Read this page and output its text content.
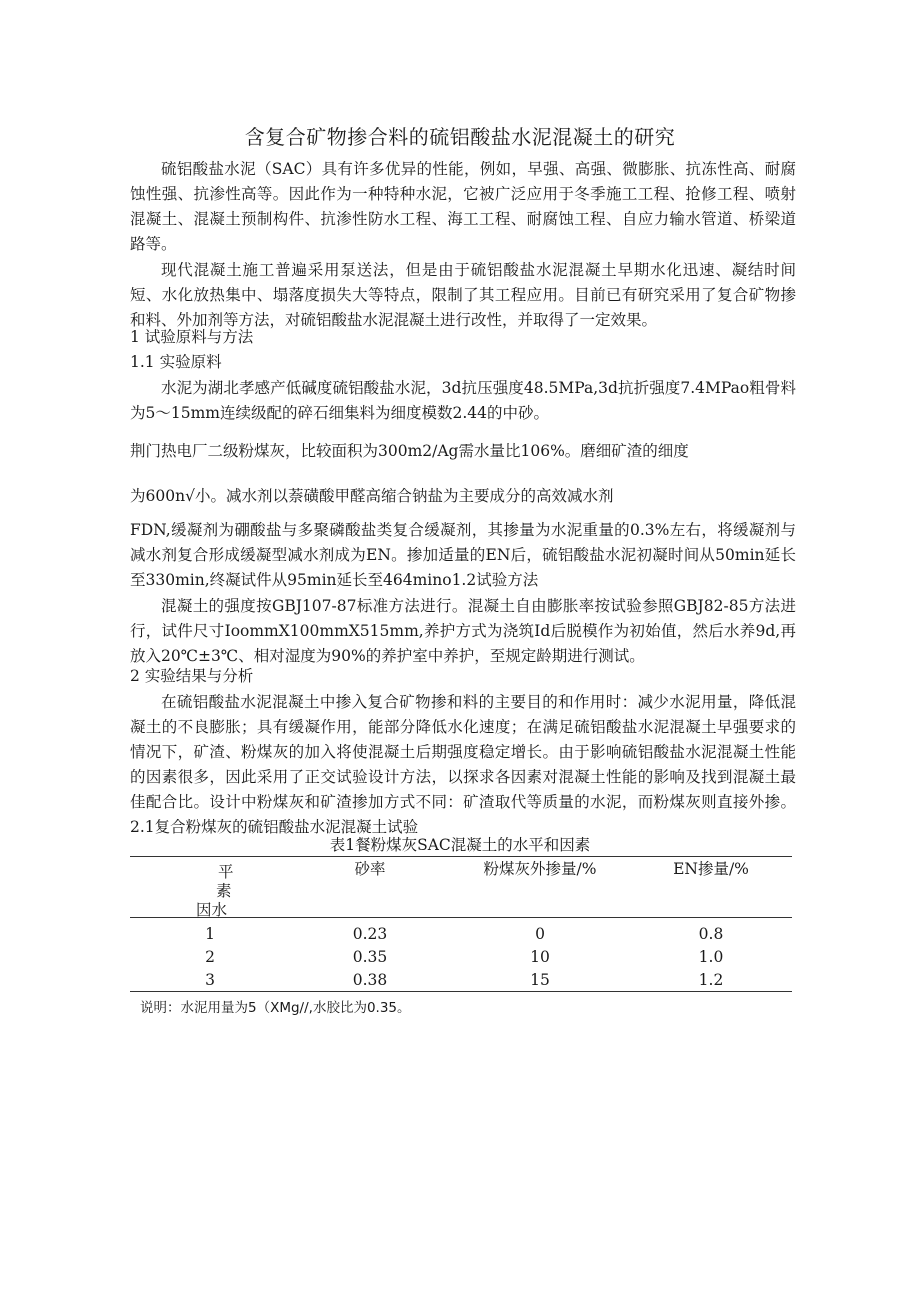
含复合矿物掺合料的硫铝酸盐水泥混凝土的研究
硫铝酸盐水泥（SAC）具有许多优异的性能，例如，早强、高强、微膨胀、抗冻性高、耐腐蚀性强、抗渗性高等。因此作为一种特种水泥，它被广泛应用于冬季施工工程、抢修工程、喷射混凝土、混凝土预制构件、抗渗性防水工程、海工工程、耐腐蚀工程、自应力输水管道、桥梁道路等。
现代混凝土施工普遍采用泵送法，但是由于硫铝酸盐水泥混凝土早期水化迅速、凝结时间短、水化放热集中、塌落度损失大等特点，限制了其工程应用。目前已有研究采用了复合矿物掺和料、外加剂等方法，对硫铝酸盐水泥混凝土进行改性，并取得了一定效果。
1 试验原料与方法
1.1 实验原料
水泥为湖北孝感产低碱度硫铝酸盐水泥，3d抗压强度48.5MPa,3d抗折强度7.4MPao粗骨料为5～15mm连续级配的碎石细集料为细度模数2.44的中砂。
荆门热电厂二级粉煤灰，比较面积为300m2∕Ag需水量比106%。磨细矿渣的细度
为600n√小。减水剂以萘磺酸甲醛高缩合钠盐为主要成分的高效减水剂
FDN,缓凝剂为硼酸盐与多聚磷酸盐类复合缓凝剂，其掺量为水泥重量的0.3%左右，将缓凝剂与减水剂复合形成缓凝型减水剂成为EN。掺加适量的EN后，硫铝酸盐水泥初凝时间从50min延长至330min,终凝试件从95min延长至464mino1.2试验方法
混凝土的强度按GBJ107-87标准方法进行。混凝土自由膨胀率按试验参照GBJ82-85方法进行，试件尺寸IoommX100mmX515mm,养护方式为浇筑Id后脱模作为初始值，然后水养9d,再放入20℃±3℃、相对湿度为90%的养护室中养护，至规定龄期进行测试。
2 实验结果与分析
在硫铝酸盐水泥混凝土中掺入复合矿物掺和料的主要目的和作用时：减少水泥用量，降低混凝土的不良膨胀；具有缓凝作用，能部分降低水化速度；在满足硫铝酸盐水泥混凝土早强要求的情况下，矿渣、粉煤灰的加入将使混凝土后期强度稳定增长。由于影响硫铝酸盐水泥混凝土性能的因素很多，因此采用了正交试验设计方法，以探求各因素对混凝土性能的影响及找到混凝土最佳配合比。设计中粉煤灰和矿渣掺加方式不同：矿渣取代等质量的水泥，而粉煤灰则直接外掺。2.1复合粉煤灰的硫铝酸盐水泥混凝土试验
表1餐粉煤灰SAC混凝土的水平和因素
平
素
因水	砂率	粉煤灰外掺量/%	EN掺量/%
1	0.23	0	0.8
2	0.35	10	1.0
3	0.38	15	1.2
说明：水泥用量为5（XMg∕/,水胶比为0.35。
